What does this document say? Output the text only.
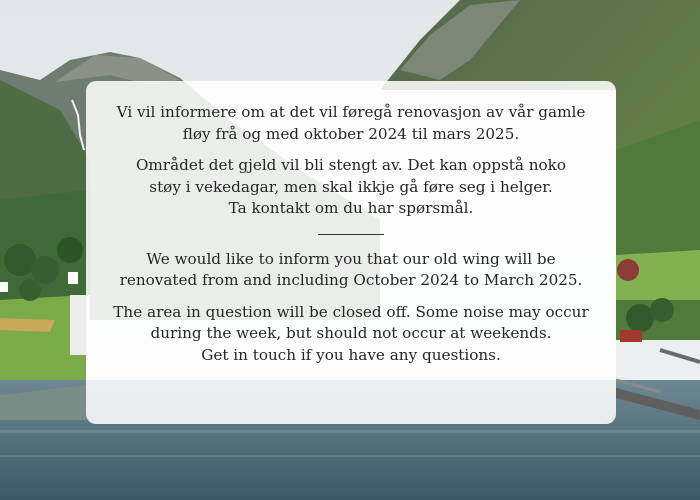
Vi vil informere om at det vil føregå renovasjon av vår gamle
fløy frå og med oktober 2024 til mars 2025.

Området det gjeld vil bli stengt av. Det kan oppstå noko
støy i vekedagar, men skal ikkje gå føre seg i helger.
Ta kontakt om du har spørsmål.

We would like to inform you that our old wing will be
renovated from and including October 2024 to March 2025.

The area in question will be closed off. Some noise may occur
during the week, but should not occur at weekends.
Get in touch if you have any questions.
